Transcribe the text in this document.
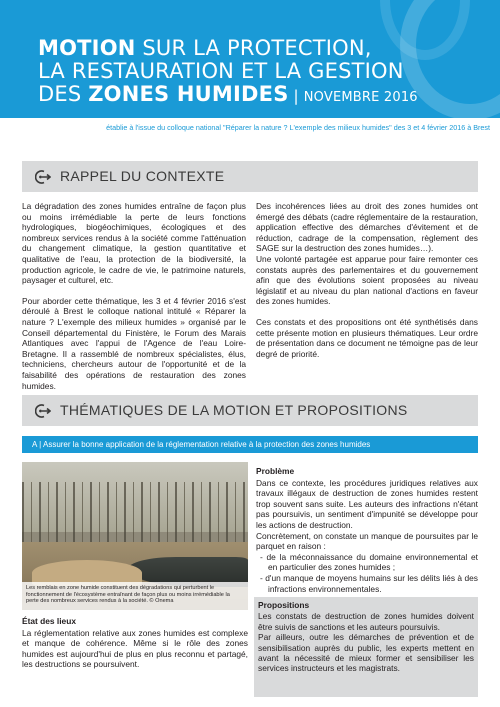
MOTION SUR LA PROTECTION,
LA RESTAURATION ET LA GESTION
DES ZONES HUMIDES | NOVEMBRE 2016
établie à l'issue du colloque national "Réparer la nature ? L'exemple des milieux humides" des 3 et 4 février 2016 à Brest
RAPPEL DU CONTEXTE

La dégradation des zones humides entraîne de façon plus ou moins irrémédiable la perte de leurs fonctions hydrologiques, biogéochimiques, écologiques et des nombreux services rendus à la société comme l'atténuation du changement climatique, la gestion quantitative et qualitative de l'eau, la protection de la biodiversité, la production agricole, le cadre de vie, le patrimoine naturels, paysager et culturel, etc.

Pour aborder cette thématique, les 3 et 4 février 2016 s'est déroulé à Brest le colloque national intitulé « Réparer la nature ? L'exemple des milieux humides » organisé par le Conseil départemental du Finistère, le Forum des Marais Atlantiques avec l'appui de l'Agence de l'eau Loire-Bretagne. Il a rassemblé de nombreux spécialistes, élus, techniciens, chercheurs autour de l'opportunité et de la faisabilité des opérations de restauration des zones humides.

Des incohérences liées au droit des zones humides ont émergé des débats (cadre réglementaire de la restauration, application effective des démarches d'évitement et de réduction, cadrage de la compensation, règlement des SAGE sur la destruction des zones humides…).

Une volonté partagée est apparue pour faire remonter ces constats auprès des parlementaires et du gouvernement afin que des évolutions soient proposées au niveau législatif et au niveau du plan national d'actions en faveur des zones humides.

Ces constats et des propositions ont été synthétisés dans cette présente motion en plusieurs thématiques. Leur ordre de présentation dans ce document ne témoigne pas de leur degré de priorité.

THÉMATIQUES DE LA MOTION ET PROPOSITIONS
A | Assurer la bonne application de la réglementation relative à la protection des zones humides
Les remblais en zone humide constituent des dégradations qui perturbent le fonctionnement de l'écosystème entraînant de façon plus ou moins irrémédiable la perte des nombreux services rendus à la société. © Onema
État des lieux

La réglementation relative aux zones humides est complexe et manque de cohérence. Même si le rôle des zones humides est aujourd'hui de plus en plus reconnu et partagé, les destructions se poursuivent.

Problème

Dans ce contexte, les procédures juridiques relatives aux travaux illégaux de destruction de zones humides restent trop souvent sans suite. Les auteurs des infractions n'étant pas poursuivis, un sentiment d'impunité se développe pour les actions de destruction.

Concrètement, on constate un manque de poursuites par le parquet en raison :

- de la méconnaissance du domaine environnemental et en particulier des zones humides ;

- d'un manque de moyens humains sur les délits liés à des infractions environnementales.

Propositions

Les constats de destruction de zones humides doivent être suivis de sanctions et les auteurs poursuivis.

Par ailleurs, outre les démarches de prévention et de sensibilisation auprès du public, les experts mettent en avant la nécessité de mieux former et sensibiliser les services instructeurs et les magistrats.
